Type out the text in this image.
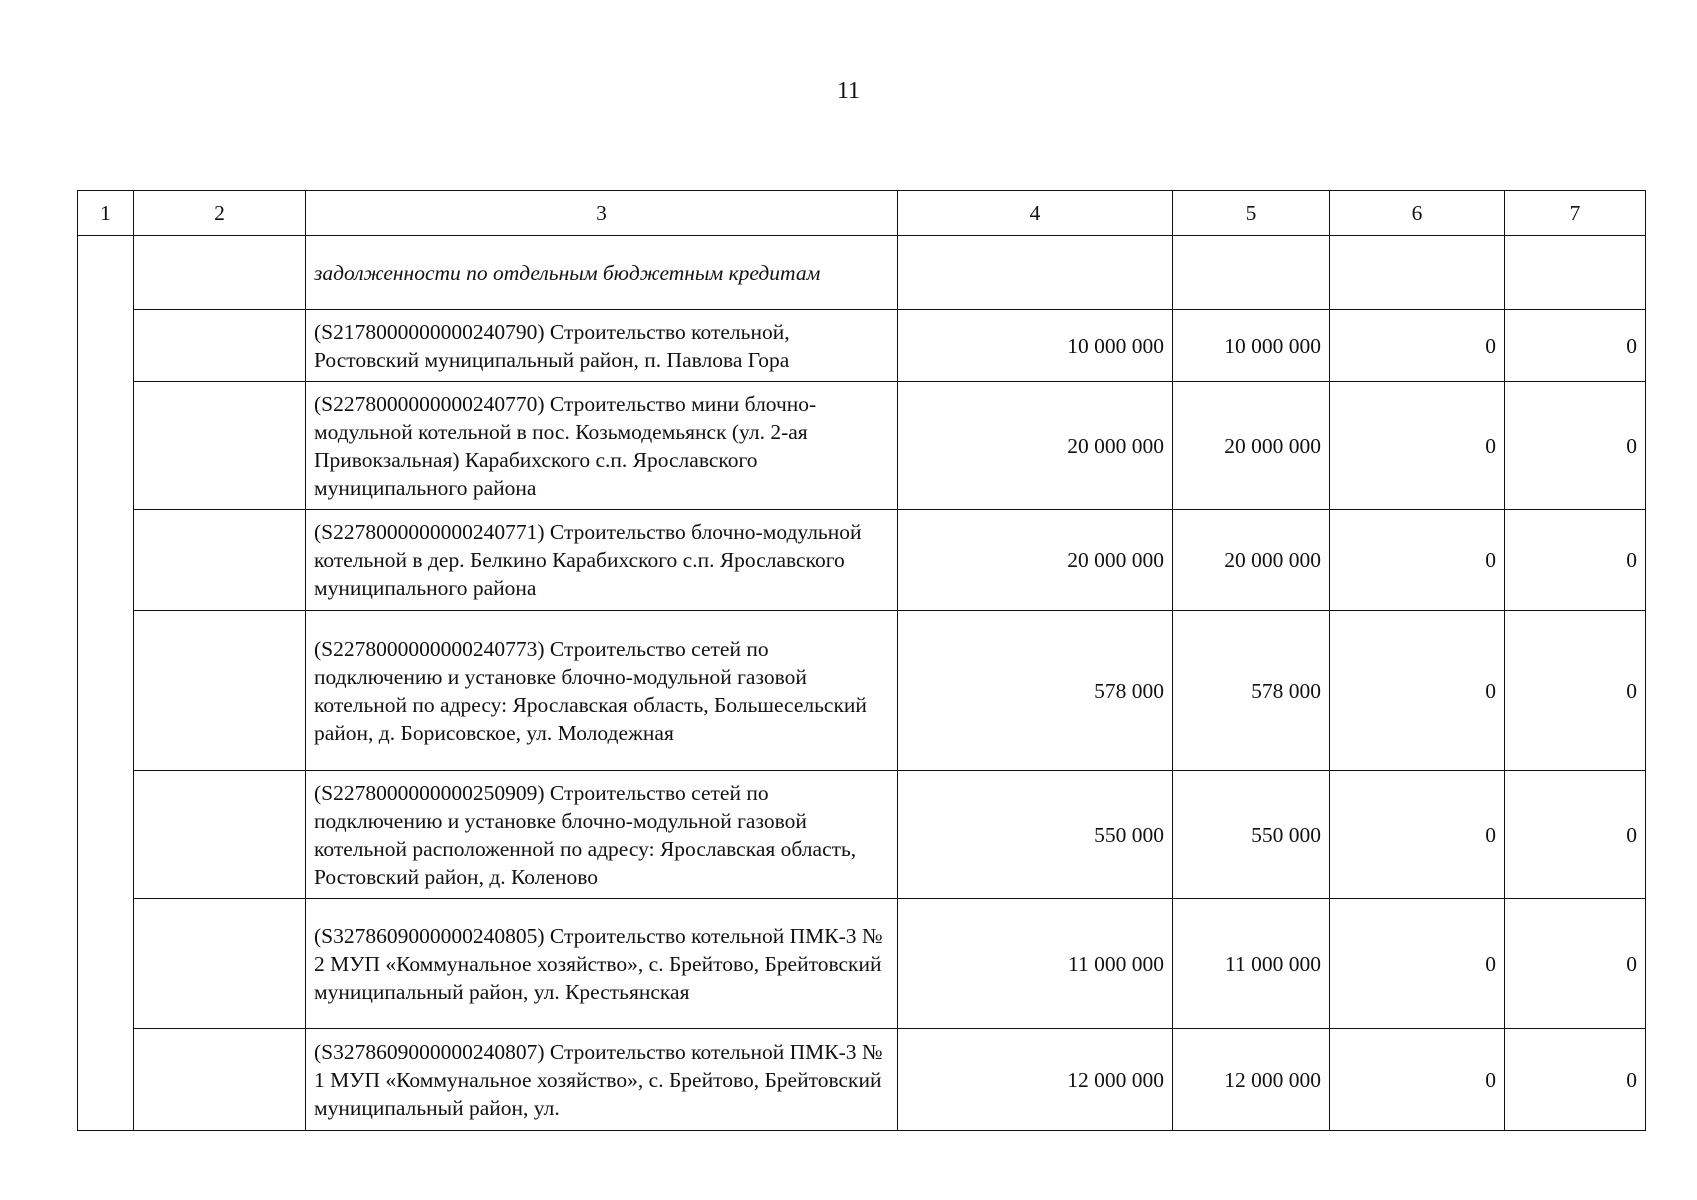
11
1	2	3	4	5	6	7
		задолженности по отдельным бюджетным кредитам				
		(S2178000000000240790) Строительство котельной, Ростовский муниципальный район, п. Павлова Гора	10 000 000	10 000 000	0	0
		(S2278000000000240770) Строительство мини блочно-модульной котельной в пос. Козьмодемьянск (ул. 2-ая Привокзальная) Карабихского с.п. Ярославского муниципального района	20 000 000	20 000 000	0	0
		(S2278000000000240771) Строительство блочно-модульной котельной в дер. Белкино Карабихского с.п. Ярославского муниципального района	20 000 000	20 000 000	0	0
		(S2278000000000240773) Строительство сетей по подключению и установке блочно-модульной газовой котельной по адресу: Ярославская область, Большесельский район, д. Борисовское, ул. Молодежная	578 000	578 000	0	0
		(S2278000000000250909) Строительство сетей по подключению и установке блочно-модульной газовой котельной расположенной по адресу: Ярославская область, Ростовский район, д. Коленово	550 000	550 000	0	0
		(S3278609000000240805) Строительство котельной ПМК-3 № 2 МУП «Коммунальное хозяйство», с. Брейтово, Брейтовский муниципальный район, ул. Крестьянская	11 000 000	11 000 000	0	0
		(S3278609000000240807) Строительство котельной ПМК-3 № 1 МУП «Коммунальное хозяйство», с. Брейтово, Брейтовский муниципальный район, ул.	12 000 000	12 000 000	0	0
